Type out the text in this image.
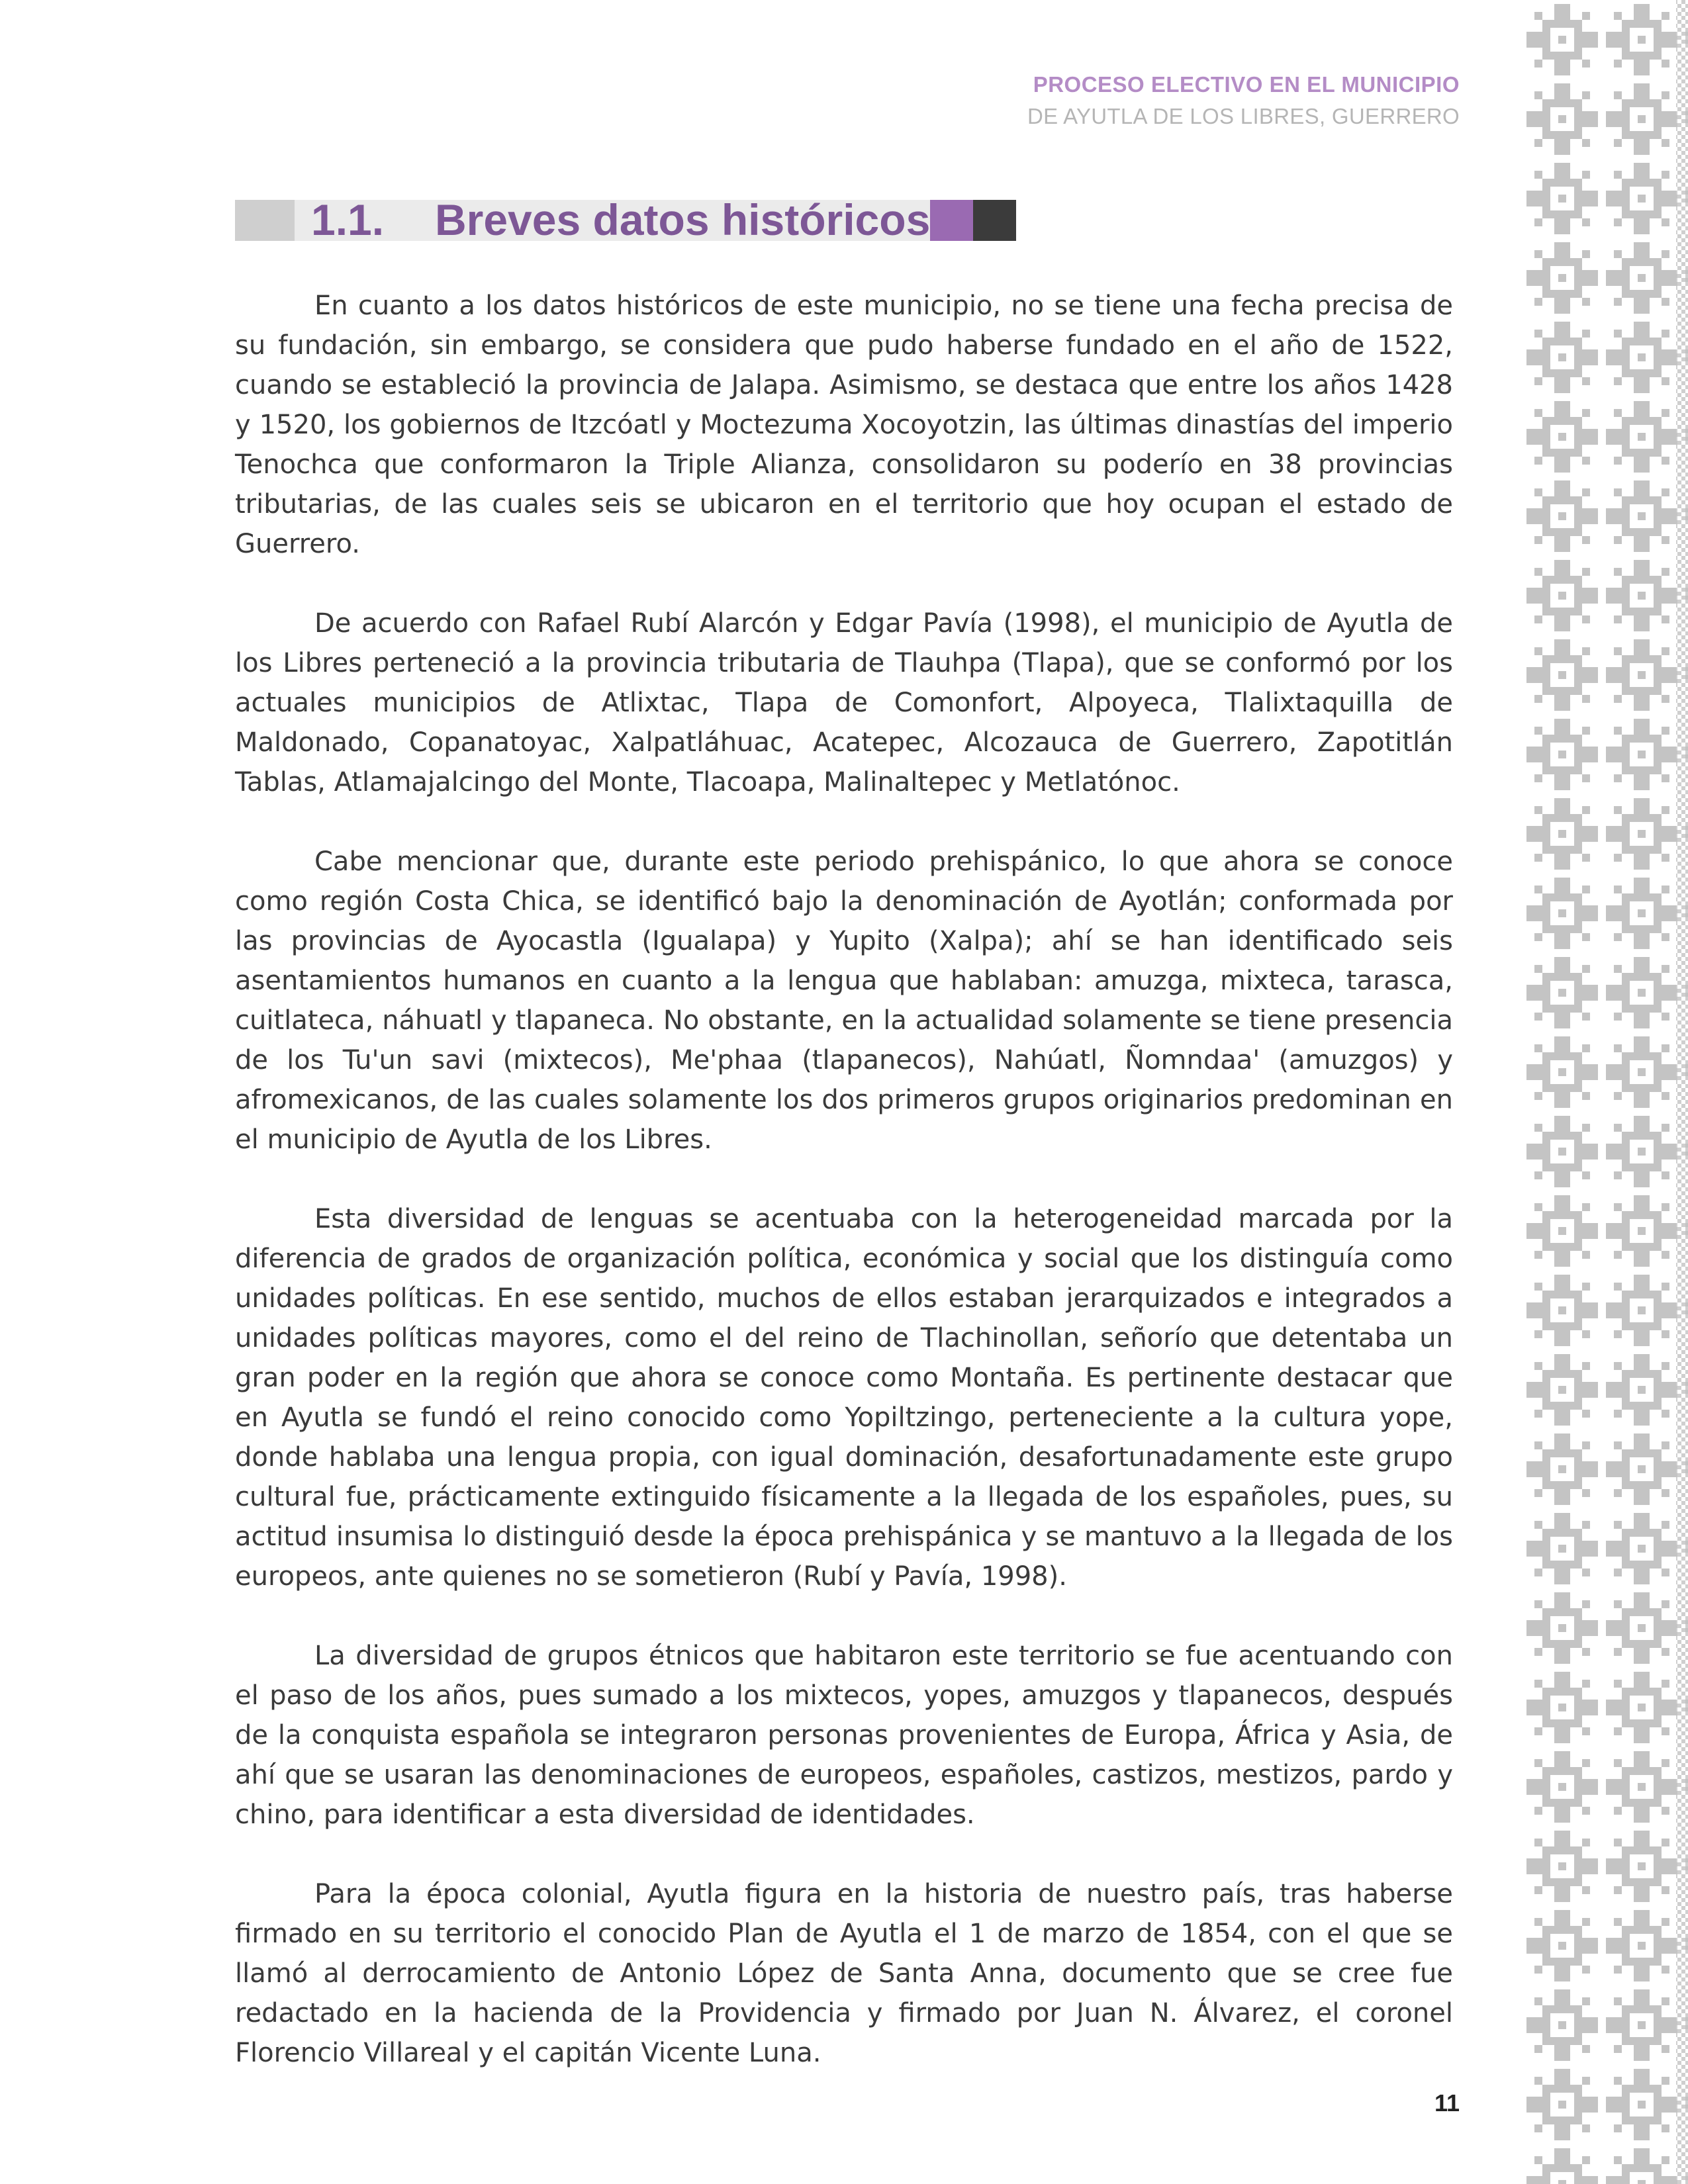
PROCESO ELECTIVO EN EL MUNICIPIO
DE AYUTLA DE LOS LIBRES, GUERRERO
1.1. Breves datos históricos

En cuanto a los datos históricos de este municipio, no se tiene una fecha precisa de su fundación, sin embargo, se considera que pudo haberse fundado en el año de 1522, cuando se estableció la provincia de Jalapa. Asimismo, se destaca que entre los años 1428 y 1520, los gobiernos de Itzcóatl y Moctezuma Xocoyotzin, las últimas dinastías del imperio Tenochca que conformaron la Triple Alianza, consolidaron su poderío en 38 provincias tributarias, de las cuales seis se ubicaron en el territorio que hoy ocupan el estado de Guerrero.

De acuerdo con Rafael Rubí Alarcón y Edgar Pavía (1998), el municipio de Ayutla de los Libres perteneció a la provincia tributaria de Tlauhpa (Tlapa), que se conformó por los actuales municipios de Atlixtac, Tlapa de Comonfort, Alpoyeca, Tlalixtaquilla de Maldonado, Copanatoyac, Xalpatláhuac, Acatepec, Alcozauca de Guerrero, Zapotitlán Tablas, Atlamajalcingo del Monte, Tlacoapa, Malinaltepec y Metlatónoc.

Cabe mencionar que, durante este periodo prehispánico, lo que ahora se conoce como región Costa Chica, se identificó bajo la denominación de Ayotlán; conformada por las provincias de Ayocastla (Igualapa) y Yupito (Xalpa); ahí se han identificado seis asentamientos humanos en cuanto a la lengua que hablaban: amuzga, mixteca, tarasca, cuitlateca, náhuatl y tlapaneca. No obstante, en la actualidad solamente se tiene presencia de los Tu'un savi (mixtecos), Me'phaa (tlapanecos), Nahúatl, Ñomndaa' (amuzgos) y afromexicanos, de las cuales solamente los dos primeros grupos originarios predominan en el municipio de Ayutla de los Libres.

Esta diversidad de lenguas se acentuaba con la heterogeneidad marcada por la diferencia de grados de organización política, económica y social que los distinguía como unidades políticas. En ese sentido, muchos de ellos estaban jerarquizados e integrados a unidades políticas mayores, como el del reino de Tlachinollan, señorío que detentaba un gran poder en la región que ahora se conoce como Montaña. Es pertinente destacar que en Ayutla se fundó el reino conocido como Yopiltzingo, perteneciente a la cultura yope, donde hablaba una lengua propia, con igual dominación, desafortunadamente este grupo cultural fue, prácticamente extinguido físicamente a la llegada de los españoles, pues, su actitud insumisa lo distinguió desde la época prehispánica y se mantuvo a la llegada de los europeos, ante quienes no se sometieron (Rubí y Pavía, 1998).

La diversidad de grupos étnicos que habitaron este territorio se fue acentuando con el paso de los años, pues sumado a los mixtecos, yopes, amuzgos y tlapanecos, después de la conquista española se integraron personas provenientes de Europa, África y Asia, de ahí que se usaran las denominaciones de europeos, españoles, castizos, mestizos, pardo y chino, para identificar a esta diversidad de identidades.

Para la época colonial, Ayutla figura en la historia de nuestro país, tras haberse firmado en su territorio el conocido Plan de Ayutla el 1 de marzo de 1854, con el que se llamó al derrocamiento de Antonio López de Santa Anna, documento que se cree fue redactado en la hacienda de la Providencia y firmado por Juan N. Álvarez, el coronel Florencio Villareal y el capitán Vicente Luna.

11
